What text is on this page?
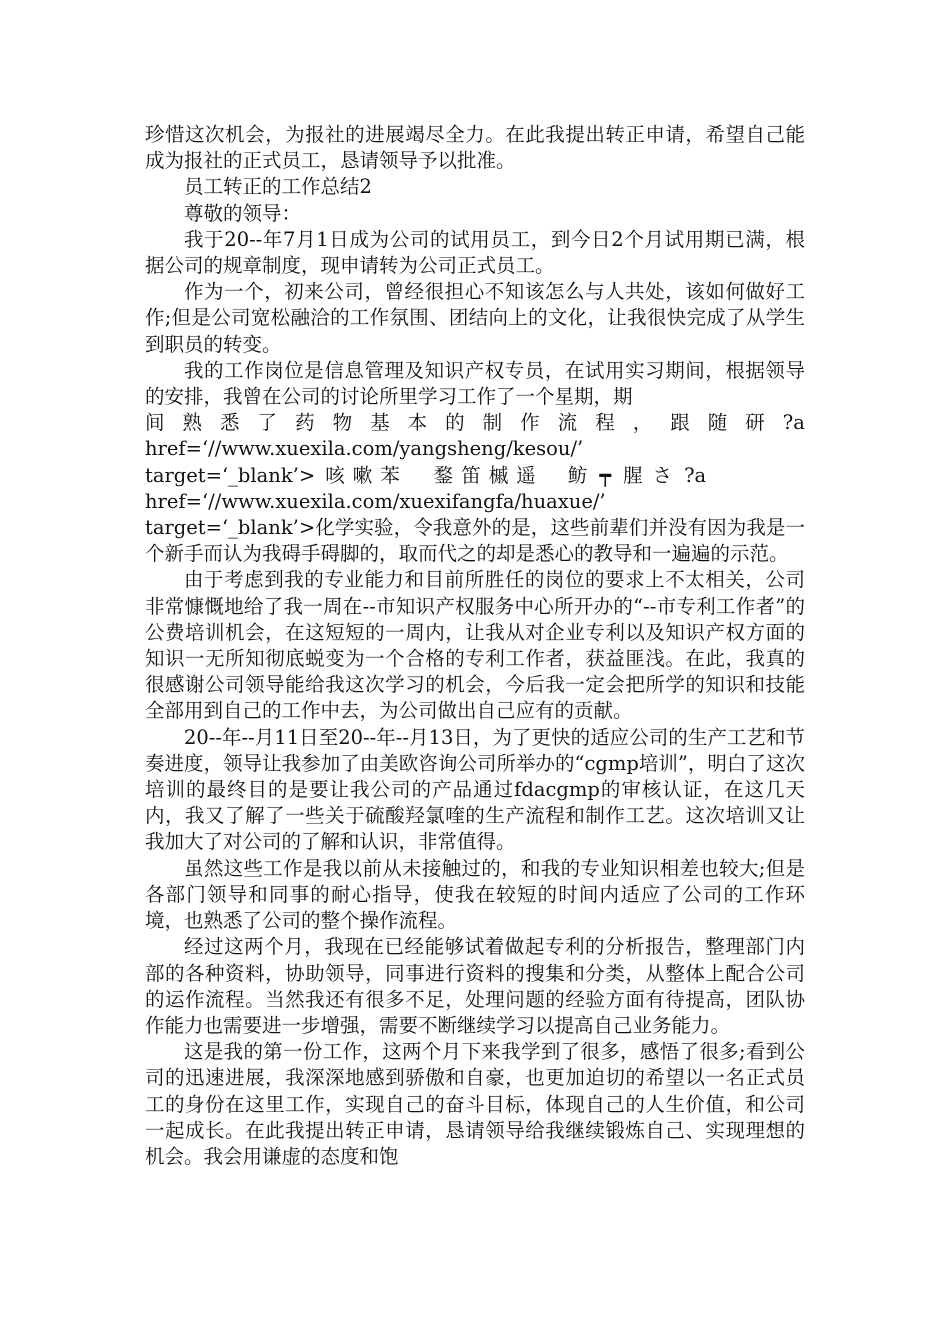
珍惜这次机会，为报社的进展竭尽全力。在此我提出转正申请，希望自己能成为报社的正式员工，恳请领导予以批准。

员工转正的工作总结2

尊敬的领导：

我于20--年7月1日成为公司的试用员工，到今日2个月试用期已满，根据公司的规章制度，现申请转为公司正式员工。

作为一个，初来公司，曾经很担心不知该怎么与人共处，该如何做好工作;但是公司宽松融洽的工作氛围、团结向上的文化，让我很快完成了从学生到职员的转变。

我的工作岗位是信息管理及知识产权专员，在试用实习期间，根据领导的安排，我曾在公司的讨论所里学习工作了一个星期，期

间 熟 悉 了 药 物 基 本 的 制 作 流 程 ， 跟 随 研 ?a
href=‘//www.xuexila.com/yangsheng/kesou/’
target=‘_blank’> 咳 嗽 苯 鍪 笛 槭 遥 鲂 ┯ 腥 さ ?a
href=‘//www.xuexila.com/xuexifangfa/huaxue/’

target=‘_blank’>化学实验，令我意外的是，这些前辈们并没有因为我是一个新手而认为我碍手碍脚的，取而代之的却是悉心的教导和一遍遍的示范。

由于考虑到我的专业能力和目前所胜任的岗位的要求上不太相关，公司非常慷慨地给了我一周在--市知识产权服务中心所开办的“--市专利工作者”的公费培训机会，在这短短的一周内，让我从对企业专利以及知识产权方面的知识一无所知彻底蜕变为一个合格的专利工作者，获益匪浅。在此，我真的很感谢公司领导能给我这次学习的机会，今后我一定会把所学的知识和技能全部用到自己的工作中去，为公司做出自己应有的贡献。

20--年--月11日至20--年--月13日，为了更快的适应公司的生产工艺和节奏进度，领导让我参加了由美欧咨询公司所举办的“cgmp培训”，明白了这次培训的最终目的是要让我公司的产品通过fdacgmp的审核认证，在这几天内，我又了解了一些关于硫酸羟氯喹的生产流程和制作工艺。这次培训又让我加大了对公司的了解和认识，非常值得。

虽然这些工作是我以前从未接触过的，和我的专业知识相差也较大;但是各部门领导和同事的耐心指导，使我在较短的时间内适应了公司的工作环境，也熟悉了公司的整个操作流程。

经过这两个月，我现在已经能够试着做起专利的分析报告，整理部门内部的各种资料，协助领导，同事进行资料的搜集和分类，从整体上配合公司的运作流程。当然我还有很多不足，处理问题的经验方面有待提高，团队协作能力也需要进一步增强，需要不断继续学习以提高自己业务能力。

这是我的第一份工作，这两个月下来我学到了很多，感悟了很多;看到公司的迅速进展，我深深地感到骄傲和自豪，也更加迫切的希望以一名正式员工的身份在这里工作，实现自己的奋斗目标，体现自己的人生价值，和公司一起成长。在此我提出转正申请，恳请领导给我继续锻炼自己、实现理想的机会。我会用谦虚的态度和饱
